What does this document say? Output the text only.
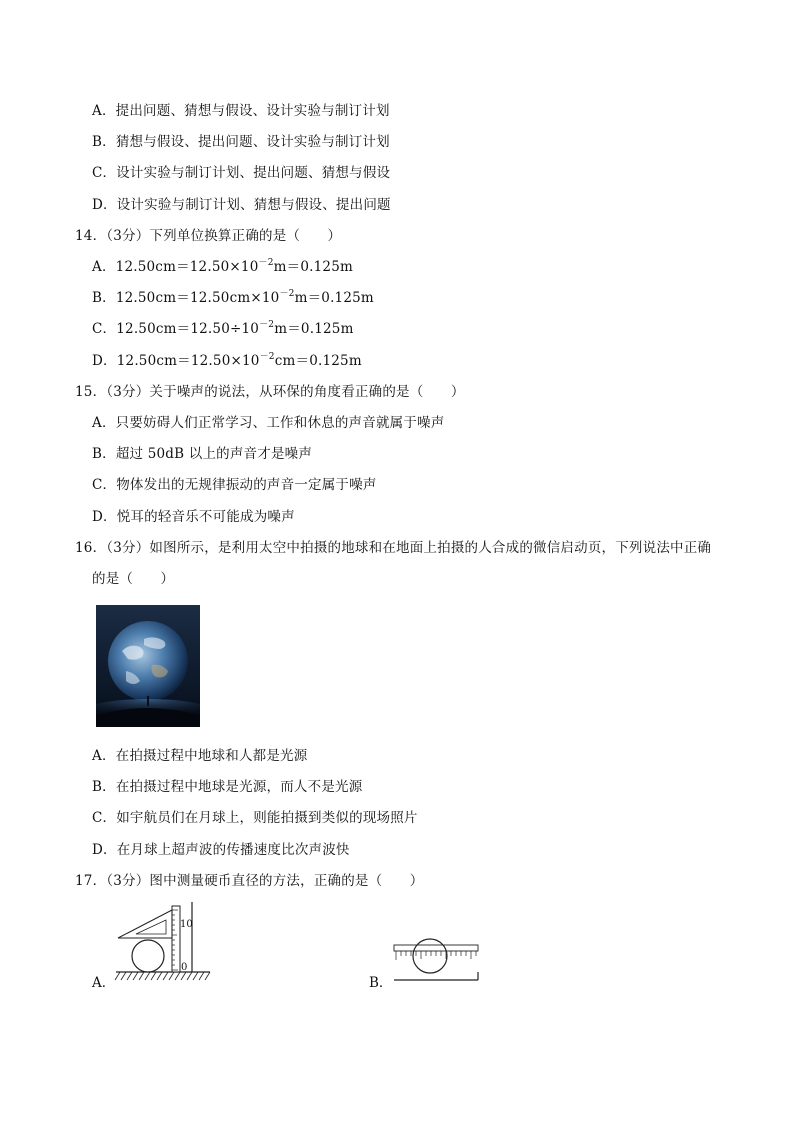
A．提出问题、猜想与假设、设计实验与制订计划
B．猜想与假设、提出问题、设计实验与制订计划
C．设计实验与制订计划、提出问题、猜想与假设
D．设计实验与制订计划、猜想与假设、提出问题
14．（3分）下列单位换算正确的是（　　）
A．$12.50cm=12.50\times 10^{-2}m=0.125m$
B．$12.50cm=12.50cm\times 10^{-2}m=0.125m$
C．$12.50cm=12.50\div 10^{-2}m=0.125m$
D．$12.50cm=12.50\times 10^{-2}cm=0.125m$
15．（3分）关于噪声的说法，从环保的角度看正确的是（　　）
A．只要妨碍人们正常学习、工作和休息的声音就属于噪声
B．超过 50dB 以上的声音才是噪声
C．物体发出的无规律振动的声音一定属于噪声
D．悦耳的轻音乐不可能成为噪声
16．（3分）如图所示，是利用太空中拍摄的地球和在地面上拍摄的人合成的微信启动页，下列说法中正确
的是（　　）
A．在拍摄过程中地球和人都是光源
B．在拍摄过程中地球是光源，而人不是光源
C．如宇航员们在月球上，则能拍摄到类似的现场照片
D．在月球上超声波的传播速度比次声波快
17．（3分）图中测量硬币直径的方法，正确的是（　　）
A．
10
0
B．
